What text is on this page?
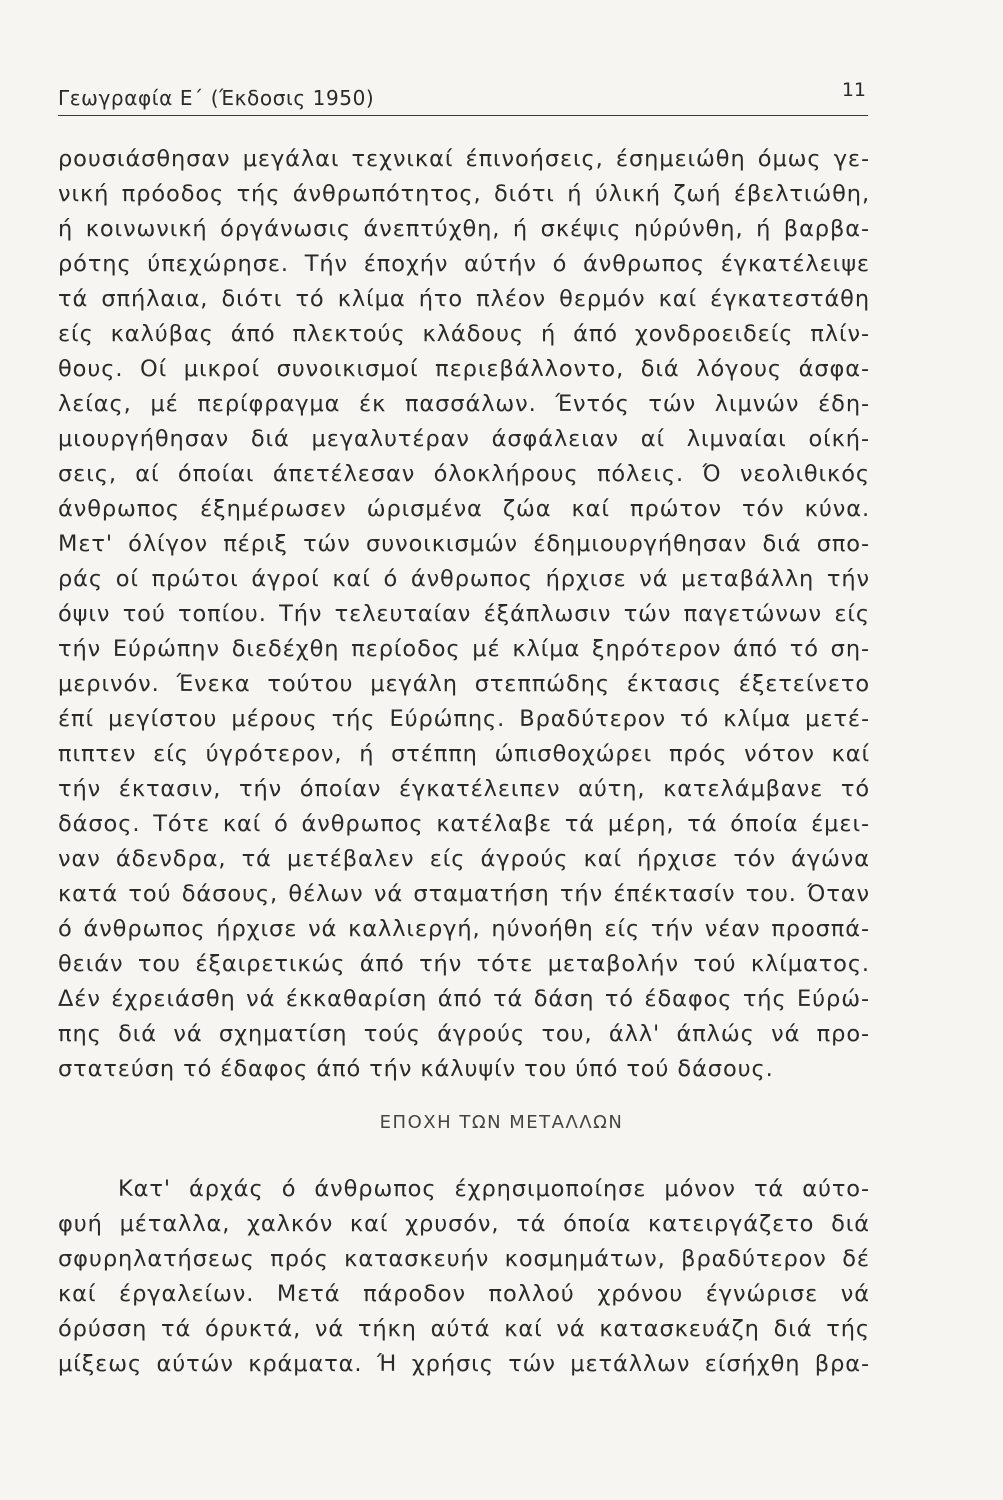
Γεωγραφία Ε΄ (Έκδοσις 1950)	11

ρουσιάσθησαν μεγάλαι τεχνικαί έπινοήσεις, έσημειώθη όμως γε-
νική πρόοδος τής άνθρωπότητος, διότι ή ύλική ζωή έβελτιώθη,
ή κοινωνική όργάνωσις άνεπτύχθη, ή σκέψις ηύρύνθη, ή βαρβα-
ρότης ύπεχώρησε. Τήν έποχήν αύτήν ό άνθρωπος έγκατέλειψε
τά σπήλαια, διότι τό κλίμα ήτο πλέον θερμόν καί έγκατεστάθη
είς καλύβας άπό πλεκτούς κλάδους ή άπό χονδροειδείς πλίν-
θους. Οί μικροί συνοικισμοί περιεβάλλοντο, διά λόγους άσφα-
λείας, μέ περίφραγμα έκ πασσάλων. Έντός τών λιμνών έδη-
μιουργήθησαν διά μεγαλυτέραν άσφάλειαν αί λιμναίαι οίκή-
σεις, αί όποίαι άπετέλεσαν όλοκλήρους πόλεις. Ό νεολιθικός
άνθρωπος έξημέρωσεν ώρισμένα ζώα καί πρώτον τόν κύνα.
Μετ' όλίγον πέριξ τών συνοικισμών έδημιουργήθησαν διά σπο-
ράς οί πρώτοι άγροί καί ό άνθρωπος ήρχισε νά μεταβάλλη τήν
όψιν τού τοπίου. Τήν τελευταίαν έξάπλωσιν τών παγετώνων είς
τήν Εύρώπην διεδέχθη περίοδος μέ κλίμα ξηρότερον άπό τό ση-
μερινόν. Ένεκα τούτου μεγάλη στεππώδης έκτασις έξετείνετο
έπί μεγίστου μέρους τής Εύρώπης. Βραδύτερον τό κλίμα μετέ-
πιπτεν είς ύγρότερον, ή στέππη ώπισθοχώρει πρός νότον καί
τήν έκτασιν, τήν όποίαν έγκατέλειπεν αύτη, κατελάμβανε τό
δάσος. Τότε καί ό άνθρωπος κατέλαβε τά μέρη, τά όποία έμει-
ναν άδενδρα, τά μετέβαλεν είς άγρούς καί ήρχισε τόν άγώνα
κατά τού δάσους, θέλων νά σταματήση τήν έπέκτασίν του. Όταν
ό άνθρωπος ήρχισε νά καλλιεργή, ηύνοήθη είς τήν νέαν προσπά-
θειάν του έξαιρετικώς άπό τήν τότε μεταβολήν τού κλίματος.
Δέν έχρειάσθη νά έκκαθαρίση άπό τά δάση τό έδαφος τής Εύρώ-
πης διά νά σχηματίση τούς άγρούς του, άλλ' άπλώς νά προ-
στατεύση τό έδαφος άπό τήν κάλυψίν του ύπό τού δάσους.

ΕΠΟΧΗ ΤΩΝ ΜΕΤΑΛΛΩΝ

Κατ' άρχάς ό άνθρωπος έχρησιμοποίησε μόνον τά αύτο-
φυή μέταλλα, χαλκόν καί χρυσόν, τά όποία κατειργάζετο διά
σφυρηλατήσεως πρός κατασκευήν κοσμημάτων, βραδύτερον δέ
καί έργαλείων. Μετά πάροδον πολλού χρόνου έγνώρισε νά
όρύσση τά όρυκτά, νά τήκη αύτά καί νά κατασκευάζη διά τής
μίξεως αύτών κράματα. Ή χρήσις τών μετάλλων είσήχθη βρα-
